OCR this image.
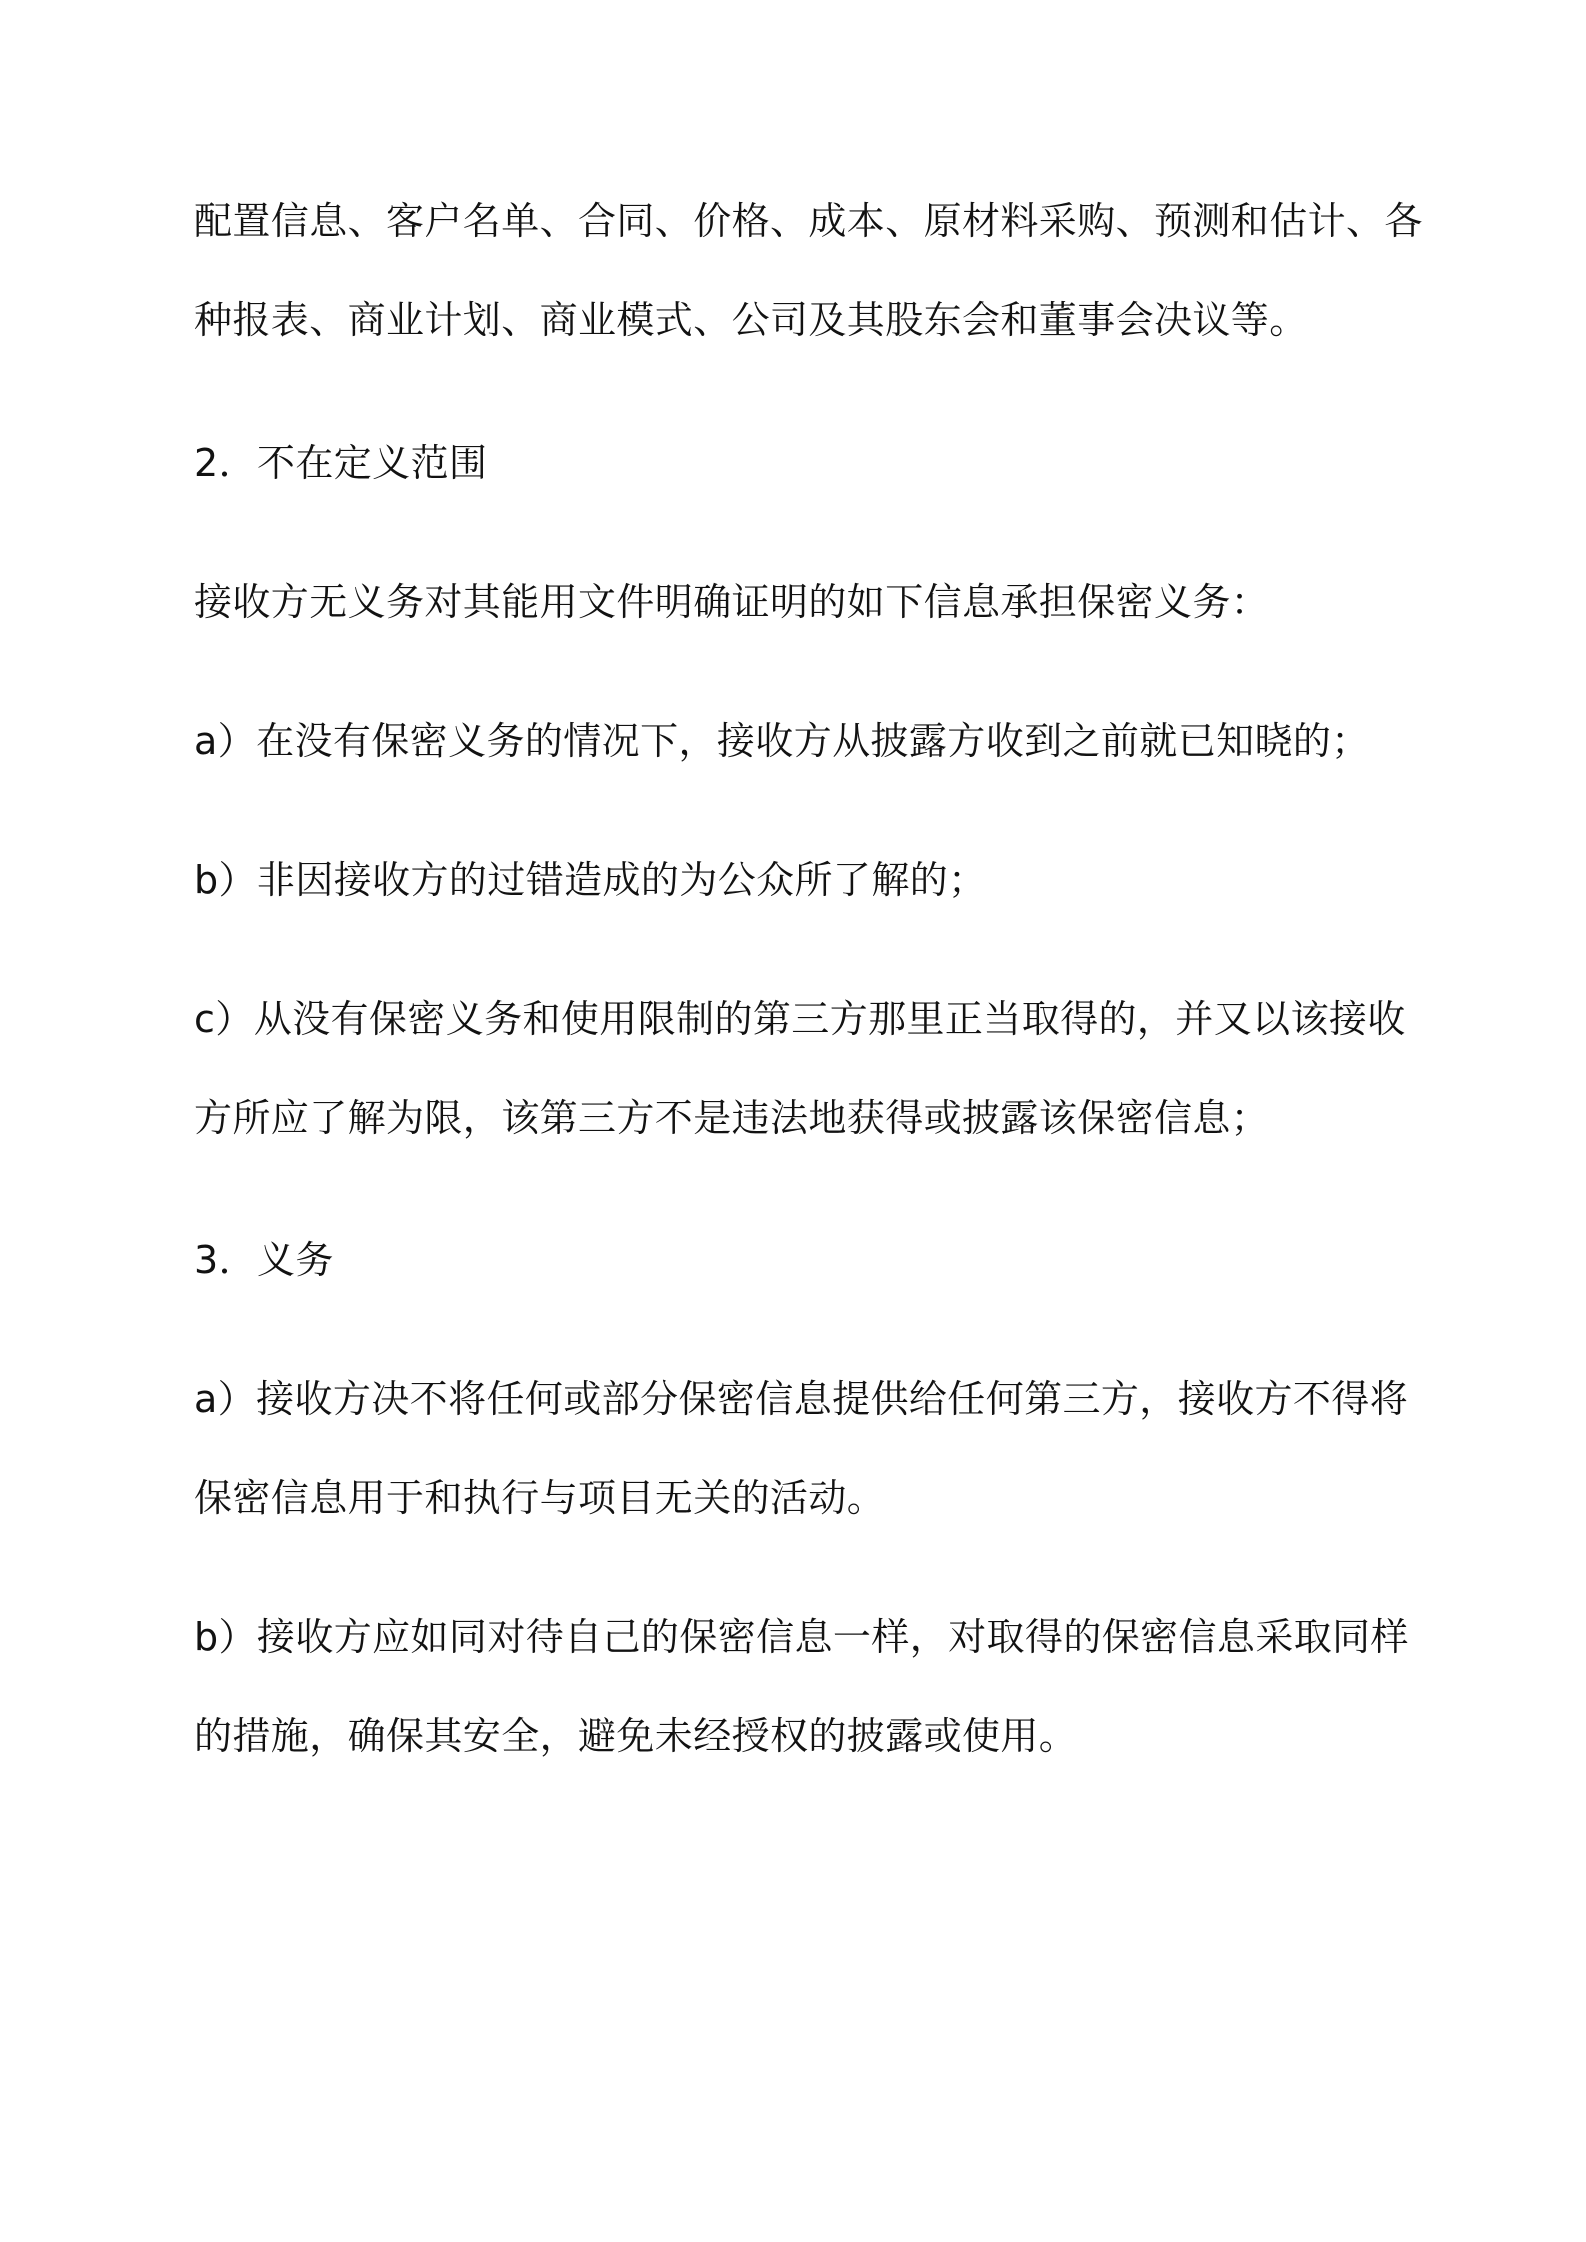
配置信息、客户名单、合同、价格、成本、原材料采购、预测和估计、各
种报表、商业计划、商业模式、公司及其股东会和董事会决议等。
2．不在定义范围
接收方无义务对其能用文件明确证明的如下信息承担保密义务：
a）在没有保密义务的情况下，接收方从披露方收到之前就已知晓的；
b）非因接收方的过错造成的为公众所了解的；
c）从没有保密义务和使用限制的第三方那里正当取得的，并又以该接收
方所应了解为限，该第三方不是违法地获得或披露该保密信息；
3．义务
a）接收方决不将任何或部分保密信息提供给任何第三方，接收方不得将
保密信息用于和执行与项目无关的活动。
b）接收方应如同对待自己的保密信息一样，对取得的保密信息采取同样
的措施，确保其安全，避免未经授权的披露或使用。
